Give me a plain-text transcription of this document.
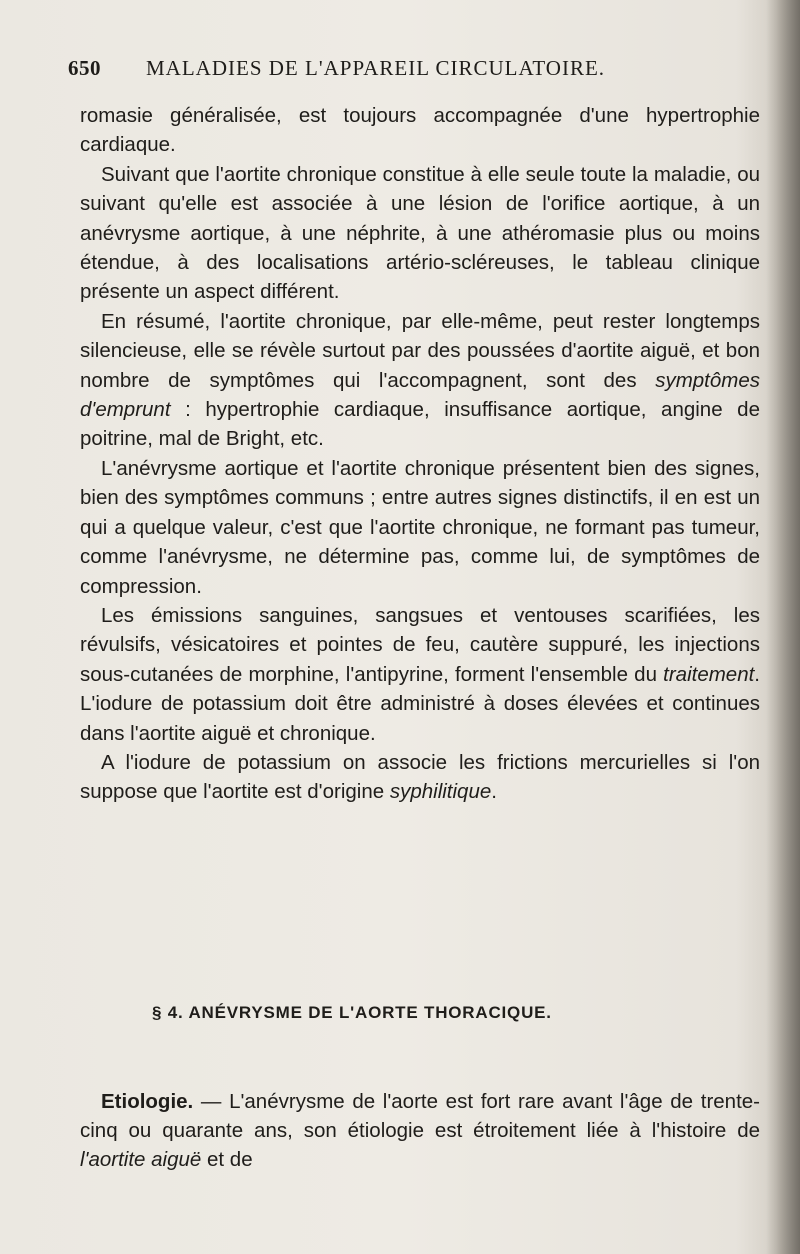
650 MALADIES DE L'APPAREIL CIRCULATOIRE.

romasie généralisée, est toujours accompagnée d'une hypertrophie cardiaque.

Suivant que l'aortite chronique constitue à elle seule toute la maladie, ou suivant qu'elle est associée à une lésion de l'orifice aortique, à un anévrysme aortique, à une néphrite, à une athéromasie plus ou moins étendue, à des localisations artério-scléreuses, le tableau clinique présente un aspect différent.

En résumé, l'aortite chronique, par elle-même, peut rester longtemps silencieuse, elle se révèle surtout par des poussées d'aortite aiguë, et bon nombre de symptômes qui l'accompagnent, sont des symptômes d'emprunt : hypertrophie cardiaque, insuffisance aortique, angine de poitrine, mal de Bright, etc.

L'anévrysme aortique et l'aortite chronique présentent bien des signes, bien des symptômes communs ; entre autres signes distinctifs, il en est un qui a quelque valeur, c'est que l'aortite chronique, ne formant pas tumeur, comme l'anévrysme, ne détermine pas, comme lui, de symptômes de compression.

Les émissions sanguines, sangsues et ventouses scarifiées, les révulsifs, vésicatoires et pointes de feu, cautère suppuré, les injections sous-cutanées de morphine, l'antipyrine, forment l'ensemble du traitement. L'iodure de potassium doit être administré à doses élevées et continues dans l'aortite aiguë et chronique.

A l'iodure de potassium on associe les frictions mercurielles si l'on suppose que l'aortite est d'origine syphilitique.

§ 4. ANÉVRYSME DE L'AORTE THORACIQUE.

Etiologie. — L'anévrysme de l'aorte est fort rare avant l'âge de trente-cinq ou quarante ans, son étiologie est étroitement liée à l'histoire de l'aortite aiguë et de
